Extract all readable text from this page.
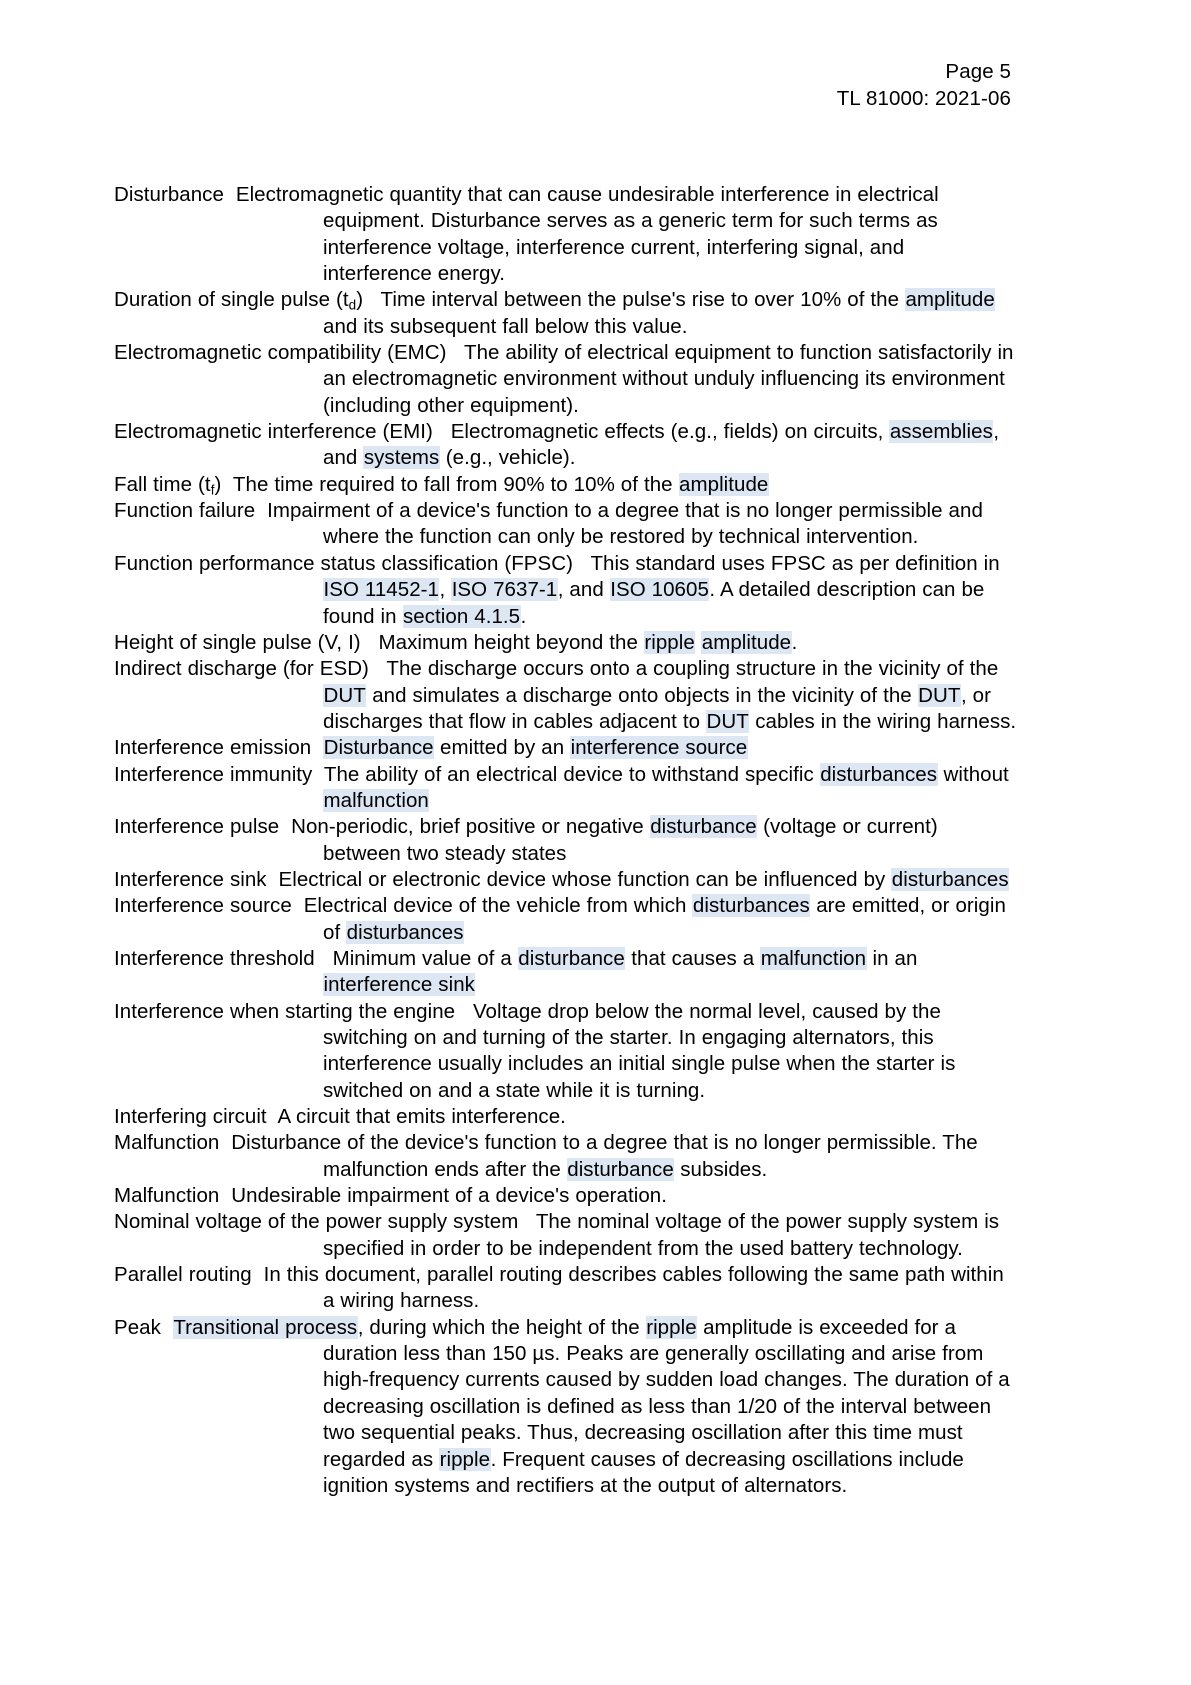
Page 5
TL 81000: 2021-06
Disturbance Electromagnetic quantity that can cause undesirable interference in electrical equipment. Disturbance serves as a generic term for such terms as interference voltage, interference current, interfering signal, and interference energy.
Duration of single pulse $(t_d)$ Time interval between the pulse's rise to over 10% of the amplitude and its subsequent fall below this value.
Electromagnetic compatibility (EMC) The ability of electrical equipment to function satisfactorily in an electromagnetic environment without unduly influencing its environment (including other equipment).
Electromagnetic interference (EMI) Electromagnetic effects (e.g., fields) on circuits, assemblies, and systems (e.g., vehicle).
Fall time $(t_f)$ The time required to fall from 90% to 10% of the amplitude
Function failure Impairment of a device's function to a degree that is no longer permissible and where the function can only be restored by technical intervention.
Function performance status classification (FPSC) This standard uses FPSC as per definition in ISO 11452-1, ISO 7637-1, and ISO 10605. A detailed description can be found in section 4.1.5.
Height of single pulse (V, I) Maximum height beyond the ripple amplitude.
Indirect discharge (for ESD) The discharge occurs onto a coupling structure in the vicinity of the DUT and simulates a discharge onto objects in the vicinity of the DUT, or discharges that flow in cables adjacent to DUT cables in the wiring harness.
Interference emission Disturbance emitted by an interference source
Interference immunity The ability of an electrical device to withstand specific disturbances without malfunction
Interference pulse Non-periodic, brief positive or negative disturbance (voltage or current) between two steady states
Interference sink Electrical or electronic device whose function can be influenced by disturbances
Interference source Electrical device of the vehicle from which disturbances are emitted, or origin of disturbances
Interference threshold Minimum value of a disturbance that causes a malfunction in an interference sink
Interference when starting the engine Voltage drop below the normal level, caused by the switching on and turning of the starter. In engaging alternators, this interference usually includes an initial single pulse when the starter is switched on and a state while it is turning.
Interfering circuit A circuit that emits interference.
Malfunction Disturbance of the device's function to a degree that is no longer permissible. The malfunction ends after the disturbance subsides.
Malfunction Undesirable impairment of a device's operation.
Nominal voltage of the power supply system The nominal voltage of the power supply system is specified in order to be independent from the used battery technology.
Parallel routing In this document, parallel routing describes cables following the same path within a wiring harness.
Peak Transitional process, during which the height of the ripple amplitude is exceeded for a duration less than 150 µs. Peaks are generally oscillating and arise from high-frequency currents caused by sudden load changes. The duration of a decreasing oscillation is defined as less than 1/20 of the interval between two sequential peaks. Thus, decreasing oscillation after this time must regarded as ripple. Frequent causes of decreasing oscillations include ignition systems and rectifiers at the output of alternators.
